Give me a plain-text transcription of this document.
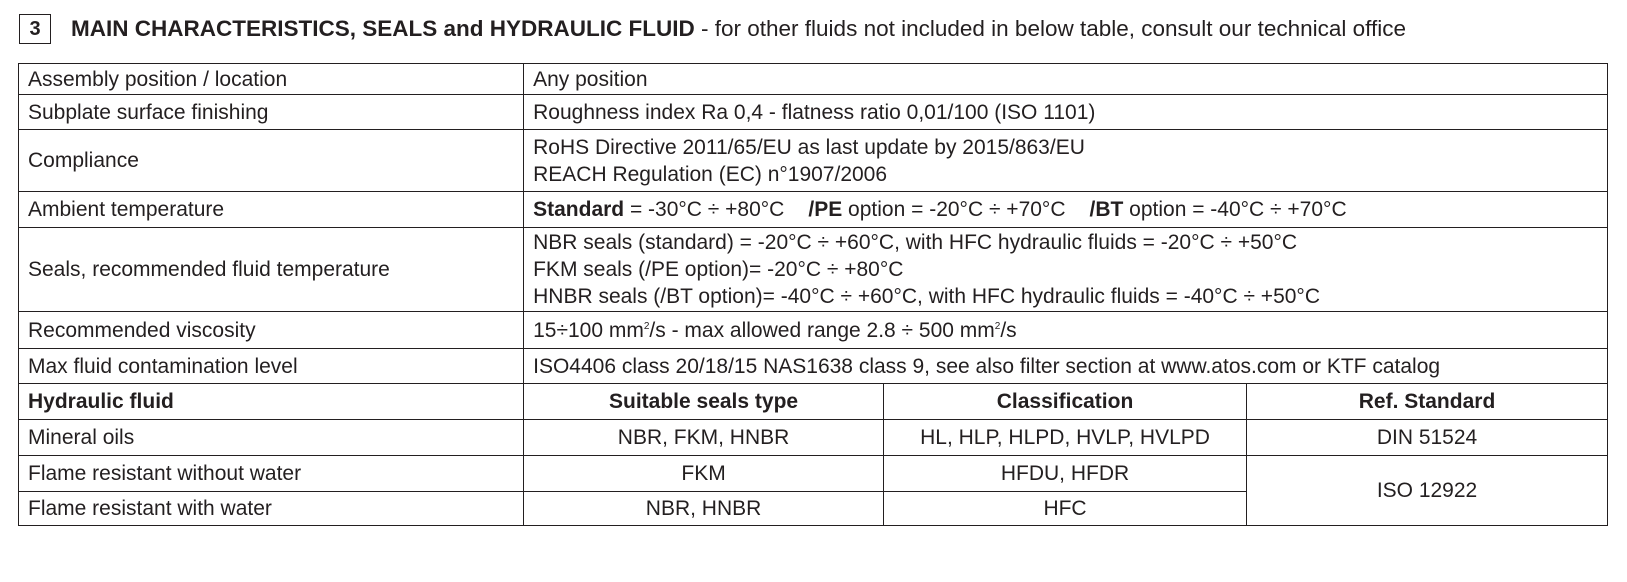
3	MAIN CHARACTERISTICS, SEALS and HYDRAULIC FLUID - for other fluids not included in below table, consult our technical office
Assembly position / location	Any position		
Subplate surface finishing	Roughness index Ra 0,4 - flatness ratio 0,01/100 (ISO 1101)		
Compliance	RoHS Directive 2011/65/EU as last update by 2015/863/EU
REACH Regulation (EC) n°1907/2006		

Ambient temperature	Standard = -30°C ÷ +80°C /PE option = -20°C ÷ +70°C /BT option = -40°C ÷ +70°C		
Seals, recommended fluid temperature	NBR seals (standard) = -20°C ÷ +60°C, with HFC hydraulic fluids = -20°C ÷ +50°C
FKM seals (/PE option)= -20°C ÷ +80°C
HNBR seals (/BT option)= -40°C ÷ +60°C, with HFC hydraulic fluids = -40°C ÷ +50°C		

Recommended viscosity	15÷100 $mm^2/s$ - max allowed range 2.8 ÷ 500 $mm^2/s$		
Max fluid contamination level	ISO4406 class 20/18/15 NAS1638 class 9, see also filter section at www.atos.com or KTF catalog		
Hydraulic fluid	Suitable seals type	Classification	Ref. Standard
Mineral oils	NBR, FKM, HNBR	HL, HLP, HLPD, HVLP, HVLPD	DIN 51524
Flame resistant without water	FKM	HFDU, HFDR	ISO 12922
Flame resistant with water	NBR, HNBR	HFC	
